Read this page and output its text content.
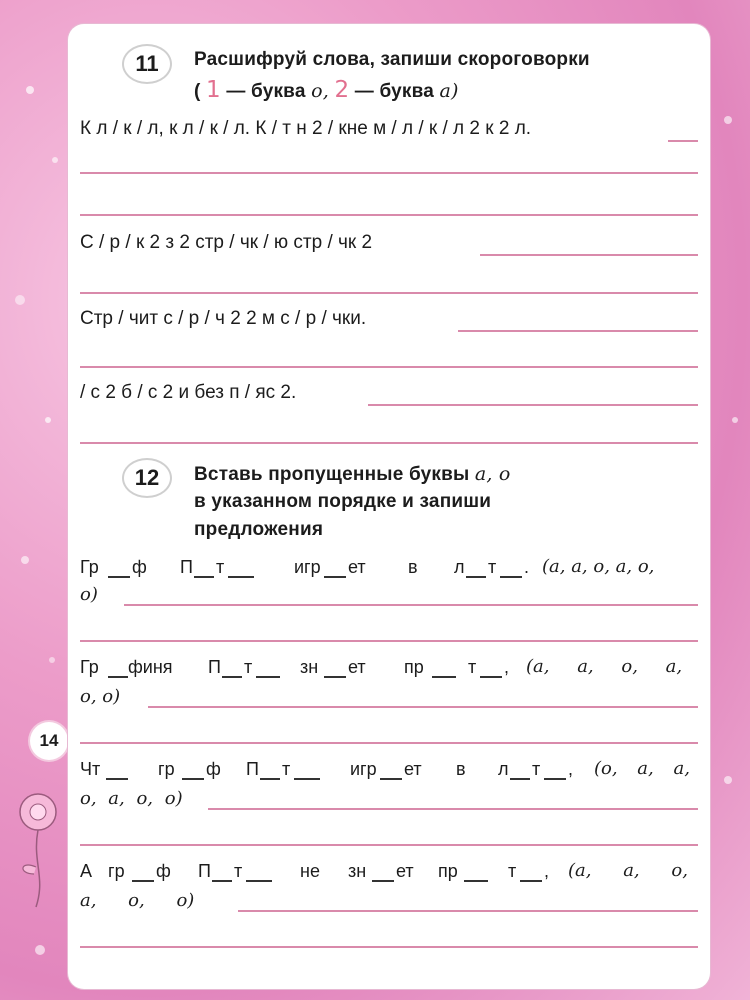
14
11	Расшифруй слова, запиши скороговорки
( 1 — буква о, 2 — буква а)
К л / к / л, к л / к / л. К / т н 2 / кне м / л / к / л 2 к 2 л.
С / р / к 2 з 2 стр / чк / ю стр / чк 2
Стр / чит с / р / ч 2 2 м с / р / чки.
/ с 2 б / с 2 и без п / яс 2.
12	Вставь пропущенные буквы а, о
в указанном порядке и запиши
предложения
Гр ф П т	игр ет в л т . (а, а, о, а, о,
о)
Гр финя П т	зн ет пр т , (а, а, о, а,
о, о)
Чт	гр ф П т	игр ет в л т , (о, а, а,
о, а, о, о)
А гр ф П т	не зн ет пр	т , (а, а, о,
а, о, о)
